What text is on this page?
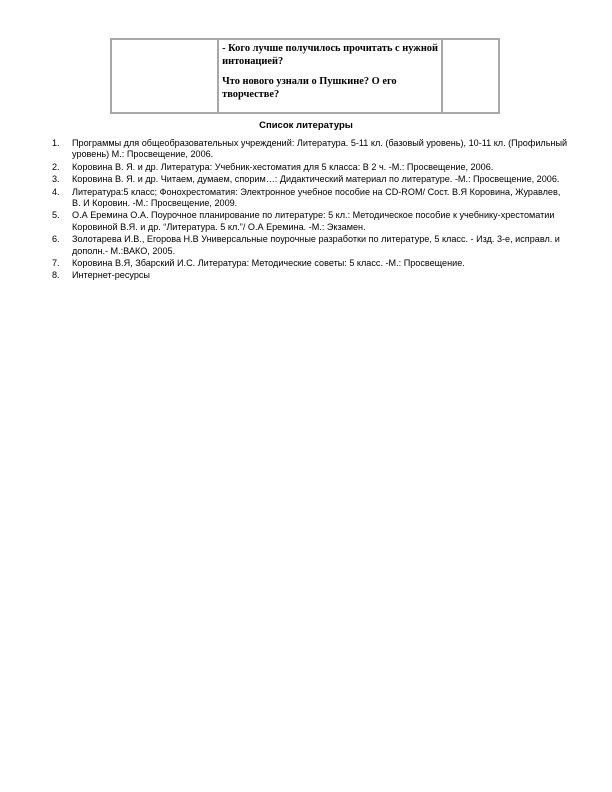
- Кого лучше получилось прочитать с нужной интонацией?

Что нового узнали о Пушкине? О его творчестве?

Список литературы
1. Программы для общеобразовательных учреждений: Литература. 5-11 кл. (базовый уровень), 10-11 кл. (Профильный уровень) М.: Просвещение, 2006.
2. Коровина В. Я. и др. Литература: Учебник-хестоматия для 5 класса: В 2 ч. -М.: Просвещение, 2006.
3. Коровина В. Я. и др. Читаем, думаем, спорим…: Дидактический материал по литературе. -М.: Просвещение, 2006.
4. Литература:5 класс; Фонохрестоматия: Электронное учебное пособие на CD-ROM/ Сост. В.Я Коровина, Журавлев, В. И Коровин. -М.: Просвещение, 2009.
5. О.А Еремина О.А. Поурочное планирование по литературе: 5 кл.: Методическое пособие к учебнику-хрестоматии Коровиной В.Я. и др. “Литература. 5 кл.”/ О.А Еремина. -М.: Экзамен.
6. Золотарева И.В., Егорова Н.В Универсальные поурочные разработки по литературе, 5 класс. - Изд. 3-е, исправл. и дополн.- М.:ВАКО, 2005.
7. Коровина В.Я, Збарский И.С. Литература: Методические советы: 5 класс. -М.: Просвещение.
8. Интернет-ресурсы
